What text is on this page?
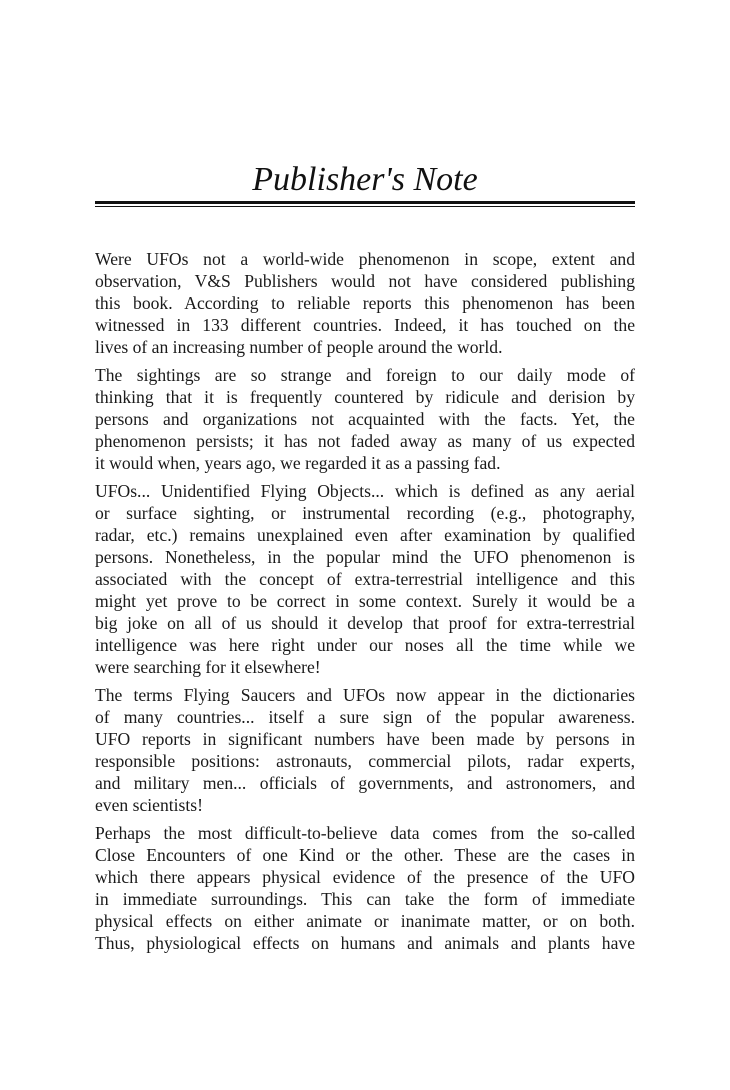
Publisher's Note
Were UFOs not a world-wide phenomenon in scope, extent and
observation, V&S Publishers would not have considered publishing
this book. According to reliable reports this phenomenon has been
witnessed in 133 different countries. Indeed, it has touched on the
lives of an increasing number of people around the world.
The sightings are so strange and foreign to our daily mode of
thinking that it is frequently countered by ridicule and derision by
persons and organizations not acquainted with the facts. Yet, the
phenomenon persists; it has not faded away as many of us expected
it would when, years ago, we regarded it as a passing fad.
UFOs... Unidentified Flying Objects... which is defined as any aerial
or surface sighting, or instrumental recording (e.g., photography,
radar, etc.) remains unexplained even after examination by qualified
persons. Nonetheless, in the popular mind the UFO phenomenon is
associated with the concept of extra-terrestrial intelligence and this
might yet prove to be correct in some context. Surely it would be a
big joke on all of us should it develop that proof for extra-terrestrial
intelligence was here right under our noses all the time while we
were searching for it elsewhere!
The terms Flying Saucers and UFOs now appear in the dictionaries
of many countries... itself a sure sign of the popular awareness.
UFO reports in significant numbers have been made by persons in
responsible positions: astronauts, commercial pilots, radar experts,
and military men... officials of governments, and astronomers, and
even scientists!
Perhaps the most difficult-to-believe data comes from the so-called
Close Encounters of one Kind or the other. These are the cases in
which there appears physical evidence of the presence of the UFO
in immediate surroundings. This can take the form of immediate
physical effects on either animate or inanimate matter, or on both.
Thus, physiological effects on humans and animals and plants have
